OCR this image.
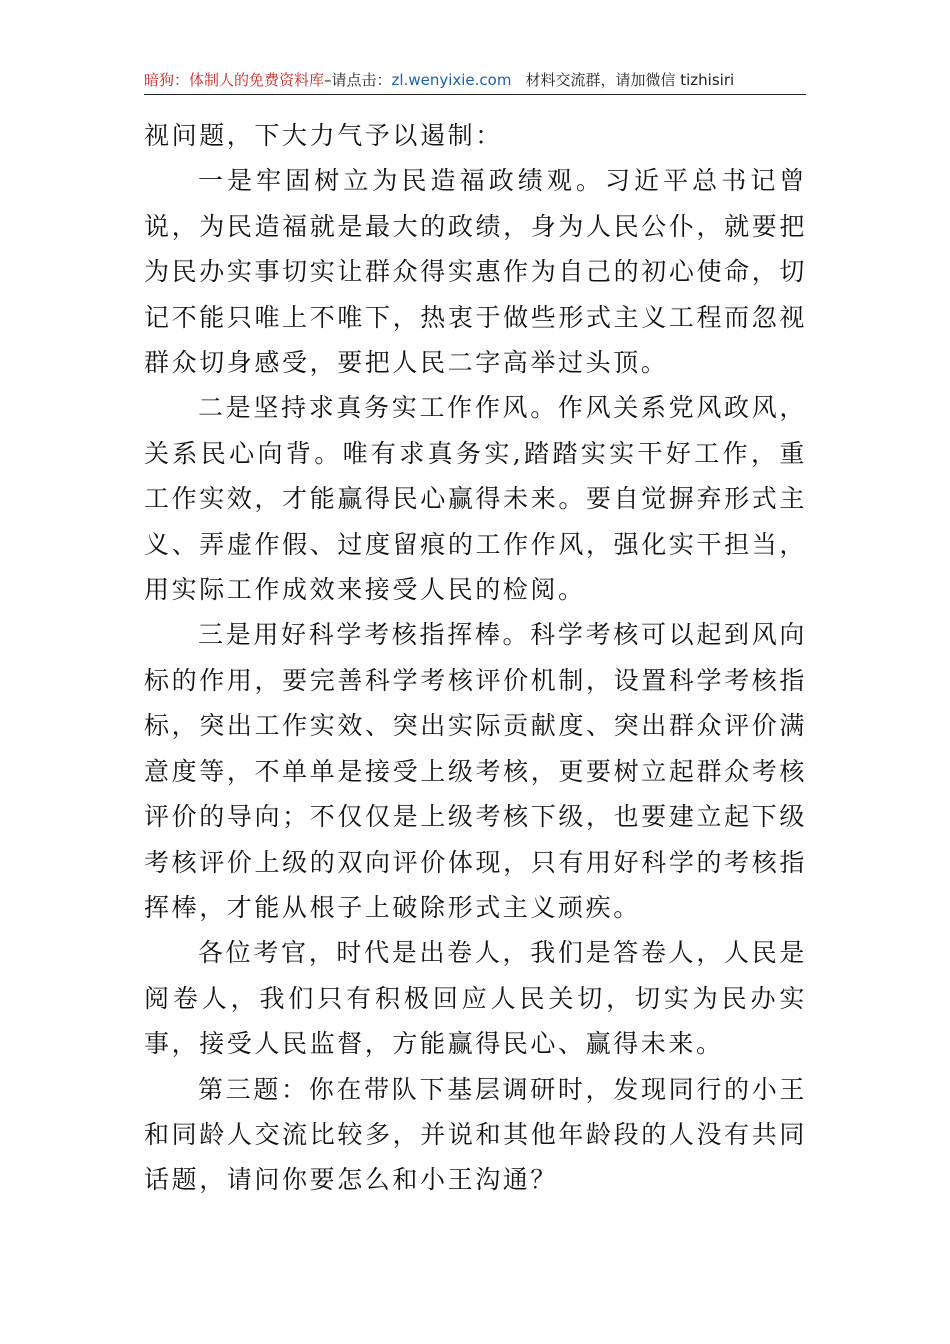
暗狗：体制人的免费资料库–请点击：zl.wenyixie.com 材料交流群，请加微信 tizhisiri

视问题，下大力气予以遏制：

一是牢固树立为民造福政绩观。习近平总书记曾说，为民造福就是最大的政绩，身为人民公仆，就要把为民办实事切实让群众得实惠作为自己的初心使命，切记不能只唯上不唯下，热衷于做些形式主义工程而忽视群众切身感受，要把人民二字高举过头顶。

二是坚持求真务实工作作风。作风关系党风政风，关系民心向背。唯有求真务实,踏踏实实干好工作，重工作实效，才能赢得民心赢得未来。要自觉摒弃形式主义、弄虚作假、过度留痕的工作作风，强化实干担当，用实际工作成效来接受人民的检阅。

三是用好科学考核指挥棒。科学考核可以起到风向标的作用，要完善科学考核评价机制，设置科学考核指标，突出工作实效、突出实际贡献度、突出群众评价满意度等，不单单是接受上级考核，更要树立起群众考核评价的导向；不仅仅是上级考核下级，也要建立起下级考核评价上级的双向评价体现，只有用好科学的考核指挥棒，才能从根子上破除形式主义顽疾。

各位考官，时代是出卷人，我们是答卷人，人民是阅卷人，我们只有积极回应人民关切，切实为民办实事，接受人民监督，方能赢得民心、赢得未来。

第三题：你在带队下基层调研时，发现同行的小王和同龄人交流比较多，并说和其他年龄段的人没有共同话题，请问你要怎么和小王沟通？
